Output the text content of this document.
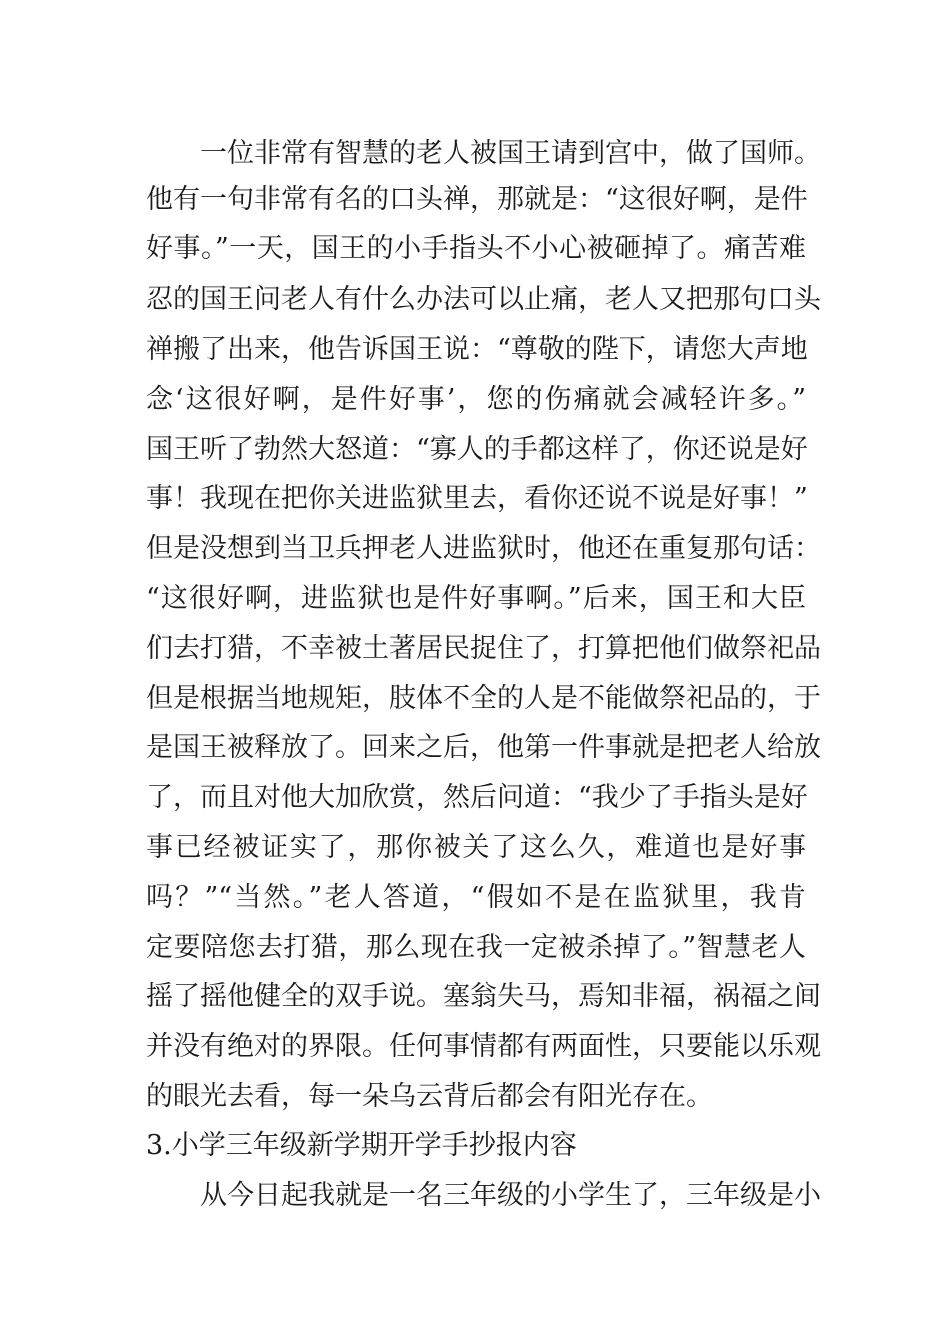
一位非常有智慧的老人被国王请到宫中，做了国师。

他有一句非常有名的口头禅，那就是：“这很好啊，是件

好事。”一天，国王的小手指头不小心被砸掉了。痛苦难

忍的国王问老人有什么办法可以止痛，老人又把那句口头

禅搬了出来，他告诉国王说：“尊敬的陛下，请您大声地

念‘这很好啊，是件好事’，您的伤痛就会减轻许多。”

国王听了勃然大怒道：“寡人的手都这样了，你还说是好

事！我现在把你关进监狱里去，看你还说不说是好事！”

但是没想到当卫兵押老人进监狱时，他还在重复那句话：

“这很好啊，进监狱也是件好事啊。”后来，国王和大臣

们去打猎，不幸被土著居民捉住了，打算把他们做祭祀品

但是根据当地规矩，肢体不全的人是不能做祭祀品的，于

是国王被释放了。回来之后，他第一件事就是把老人给放

了，而且对他大加欣赏，然后问道：“我少了手指头是好

事已经被证实了，那你被关了这么久，难道也是好事

吗？”“当然。”老人答道，“假如不是在监狱里，我肯

定要陪您去打猎，那么现在我一定被杀掉了。”智慧老人

摇了摇他健全的双手说。塞翁失马，焉知非福，祸福之间

并没有绝对的界限。任何事情都有两面性，只要能以乐观

的眼光去看，每一朵乌云背后都会有阳光存在。

3.小学三年级新学期开学手抄报内容

从今日起我就是一名三年级的小学生了，三年级是小
